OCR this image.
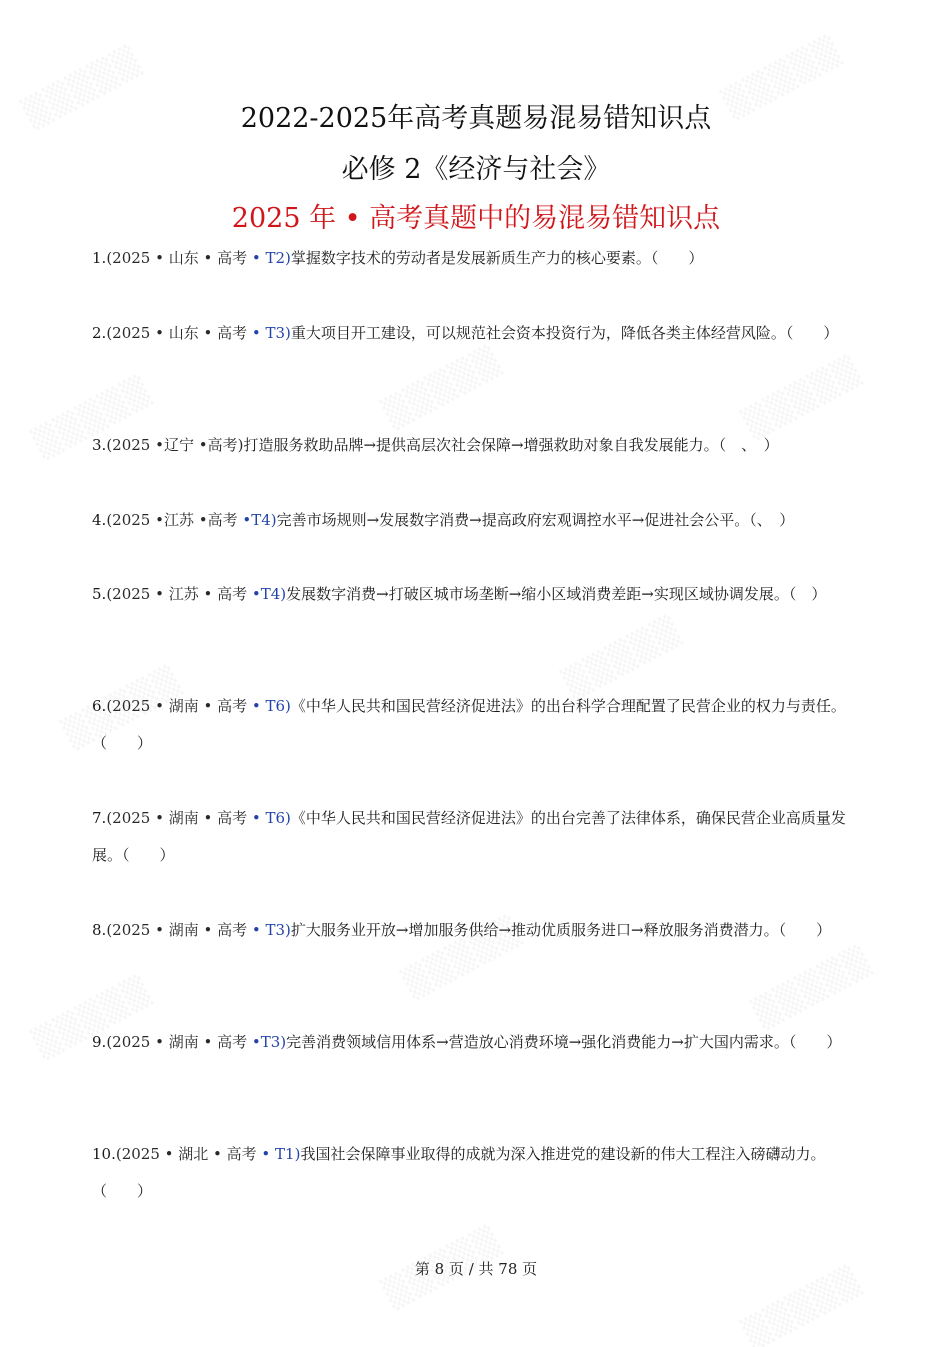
2022-2025年高考真题易混易错知识点
必修 2《经济与社会》
2025 年 • 高考真题中的易混易错知识点
1.(2025 • 山东 • 高考 • T2)掌握数字技术的劳动者是发展新质生产力的核心要素。（　　）
2.(2025 • 山东 • 高考 • T3)重大项目开工建设，可以规范社会资本投资行为，降低各类主体经营风险。（　　）
3.(2025 •辽宁 •高考)打造服务救助品牌→提供高层次社会保障→增强救助对象自我发展能力。（　、　）
4.(2025 •江苏 •高考 •T4)完善市场规则→发展数字消费→提高政府宏观调控水平→促进社会公平。（、　）
5.(2025 • 江苏 • 高考 •T4)发展数字消费→打破区城市场垄断→缩小区域消费差距→实现区域协调发展。（　）
6.(2025 • 湖南 • 高考 • T6)《中华人民共和国民营经济促进法》的出台科学合理配置了民营企业的权力与责任。（　　）
7.(2025 • 湖南 • 高考 • T6)《中华人民共和国民营经济促进法》的出台完善了法律体系，确保民营企业高质量发展。（　　）
8.(2025 • 湖南 • 高考 • T3)扩大服务业开放→增加服务供给→推动优质服务进口→释放服务消费潜力。（　　）
9.(2025 • 湖南 • 高考 •T3)完善消费领域信用体系→营造放心消费环境→强化消费能力→扩大国内需求。（　　）
10.(2025 • 湖北 • 高考 • T1)我国社会保障事业取得的成就为深入推进党的建设新的伟大工程注入磅礴动力。（　　）
第 8 页 / 共 78 页
